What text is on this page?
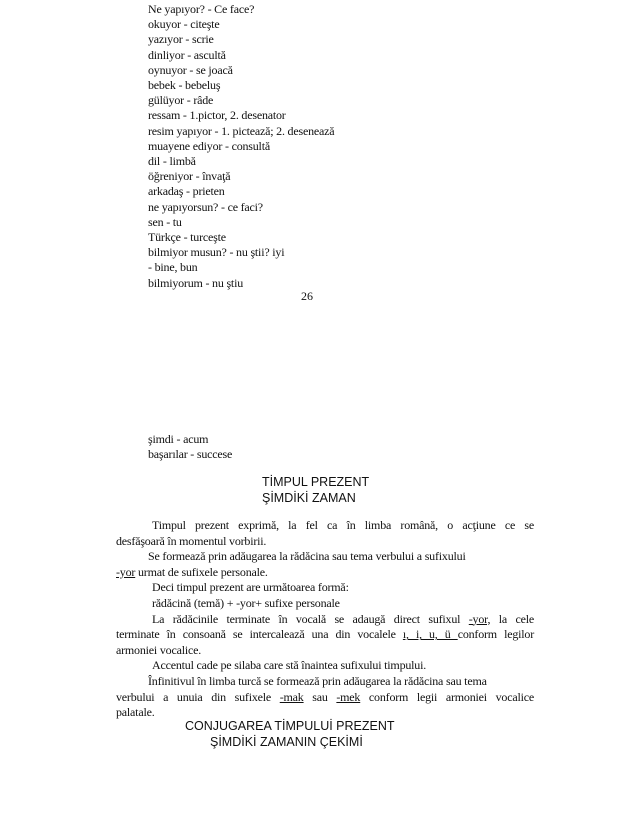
Ne yapıyor? - Ce face?
okuyor - citeşte
yazıyor - scrie
dinliyor - ascultă
oynuyor - se joacă
bebek - bebeluş
gülüyor - râde
ressam - 1.pictor, 2. desenator
resim yapıyor - 1. pictează; 2. desenează
muayene ediyor - consultă
dil - limbă
öğreniyor - învaţă
arkadaş - prieten
ne yapıyorsun? - ce faci?
sen - tu
Türkçe - turceşte
bilmiyor musun? - nu ştii? iyi
- bine, bun
bilmiyorum - nu ştiu
26
şimdi - acum
başarılar - succese
TİMPUL PREZENT
ŞİMDİKİ ZAMAN

Timpul prezent exprimă, la fel ca în limba română, o acţiune ce se

desfăşoară în momentul vorbirii.

Se formează prin adăugarea la rădăcina sau tema verbului a sufixului

-yor urmat de sufixele personale.

Deci timpul prezent are următoarea formă:

rădăcină (temă) + -yor+ sufixe personale

La rădăcinile terminate în vocală se adaugă direct sufixul -yor, la cele

terminate în consoană se intercalează una din vocalele ı, i, u, ü conform legilor

armoniei vocalice.

Accentul cade pe silaba care stă înaintea sufixului timpului.

Înfinitivul în limba turcă se formează prin adăugarea la rădăcina sau tema

verbului a unuia din sufixele -mak sau -mek conform legii armoniei vocalice

palatale.

CONJUGAREA TİMPULUİ PREZENT
ŞİMDİKİ ZAMANIN ÇEKİMİ
